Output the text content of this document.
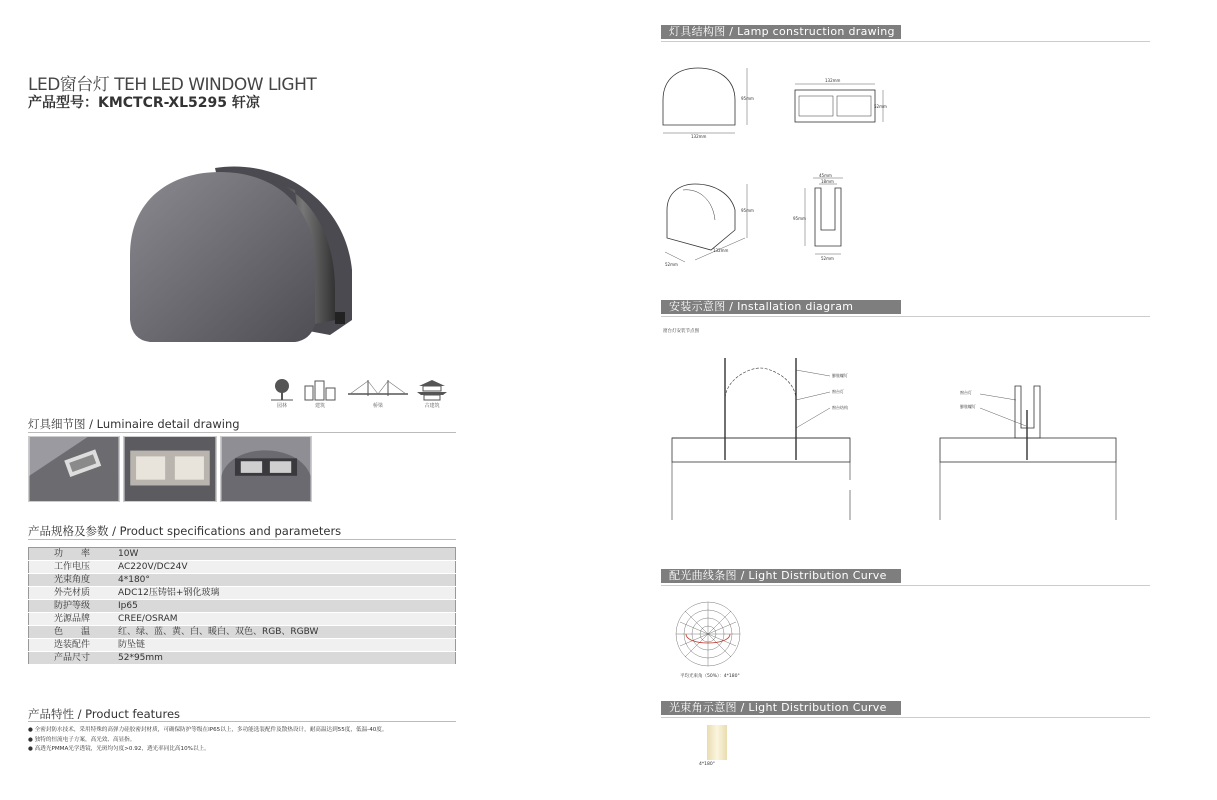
LED窗台灯 TEH LED WINDOW LIGHT
产品型号：KMCTCR-XL5295 轩凉
园林	建筑	桥梁	古建筑
灯具细节图 / Luminaire detail drawing
产品规格及参数 / Product specifications and parameters
功　　率	10W
工作电压	AC220V/DC24V
光束角度	4*180°
外壳材质	ADC12压铸铝+钢化玻璃
防护等级	Ip65
光源品牌	CREE/OSRAM
色　　温	红、绿、蓝、黄、白、暖白、双色、RGB、RGBW
选装配件	防坠链
产品尺寸	52*95mm
产品特性 / Product features
● 全密封防水技术，采用特殊的高弹力硅胶密封材质，可确保防护等级在IP65以上，多功能选装配件及散热设计，耐高温达到55度，低温-40度。
● 独特的恒流电子方案，高光效、高显指。
● 高透光PMMA光学透镜，光斑均匀度>0.92，透光率同比高10%以上。
灯具结构图 / Lamp construction drawing
132mm
95mm
132mm
52mm
95mm
132mm
52mm
45mm
18mm
95mm
52mm
安装示意图 / Installation diagram
窗台灯安装节点图
膨胀螺钉
窗台灯
窗台结构
窗台灯
膨胀螺钉
配光曲线条图 / Light Distribution Curve
平均光束角（50%）：4*180°
光束角示意图 / Light Distribution Curve
4*180°
